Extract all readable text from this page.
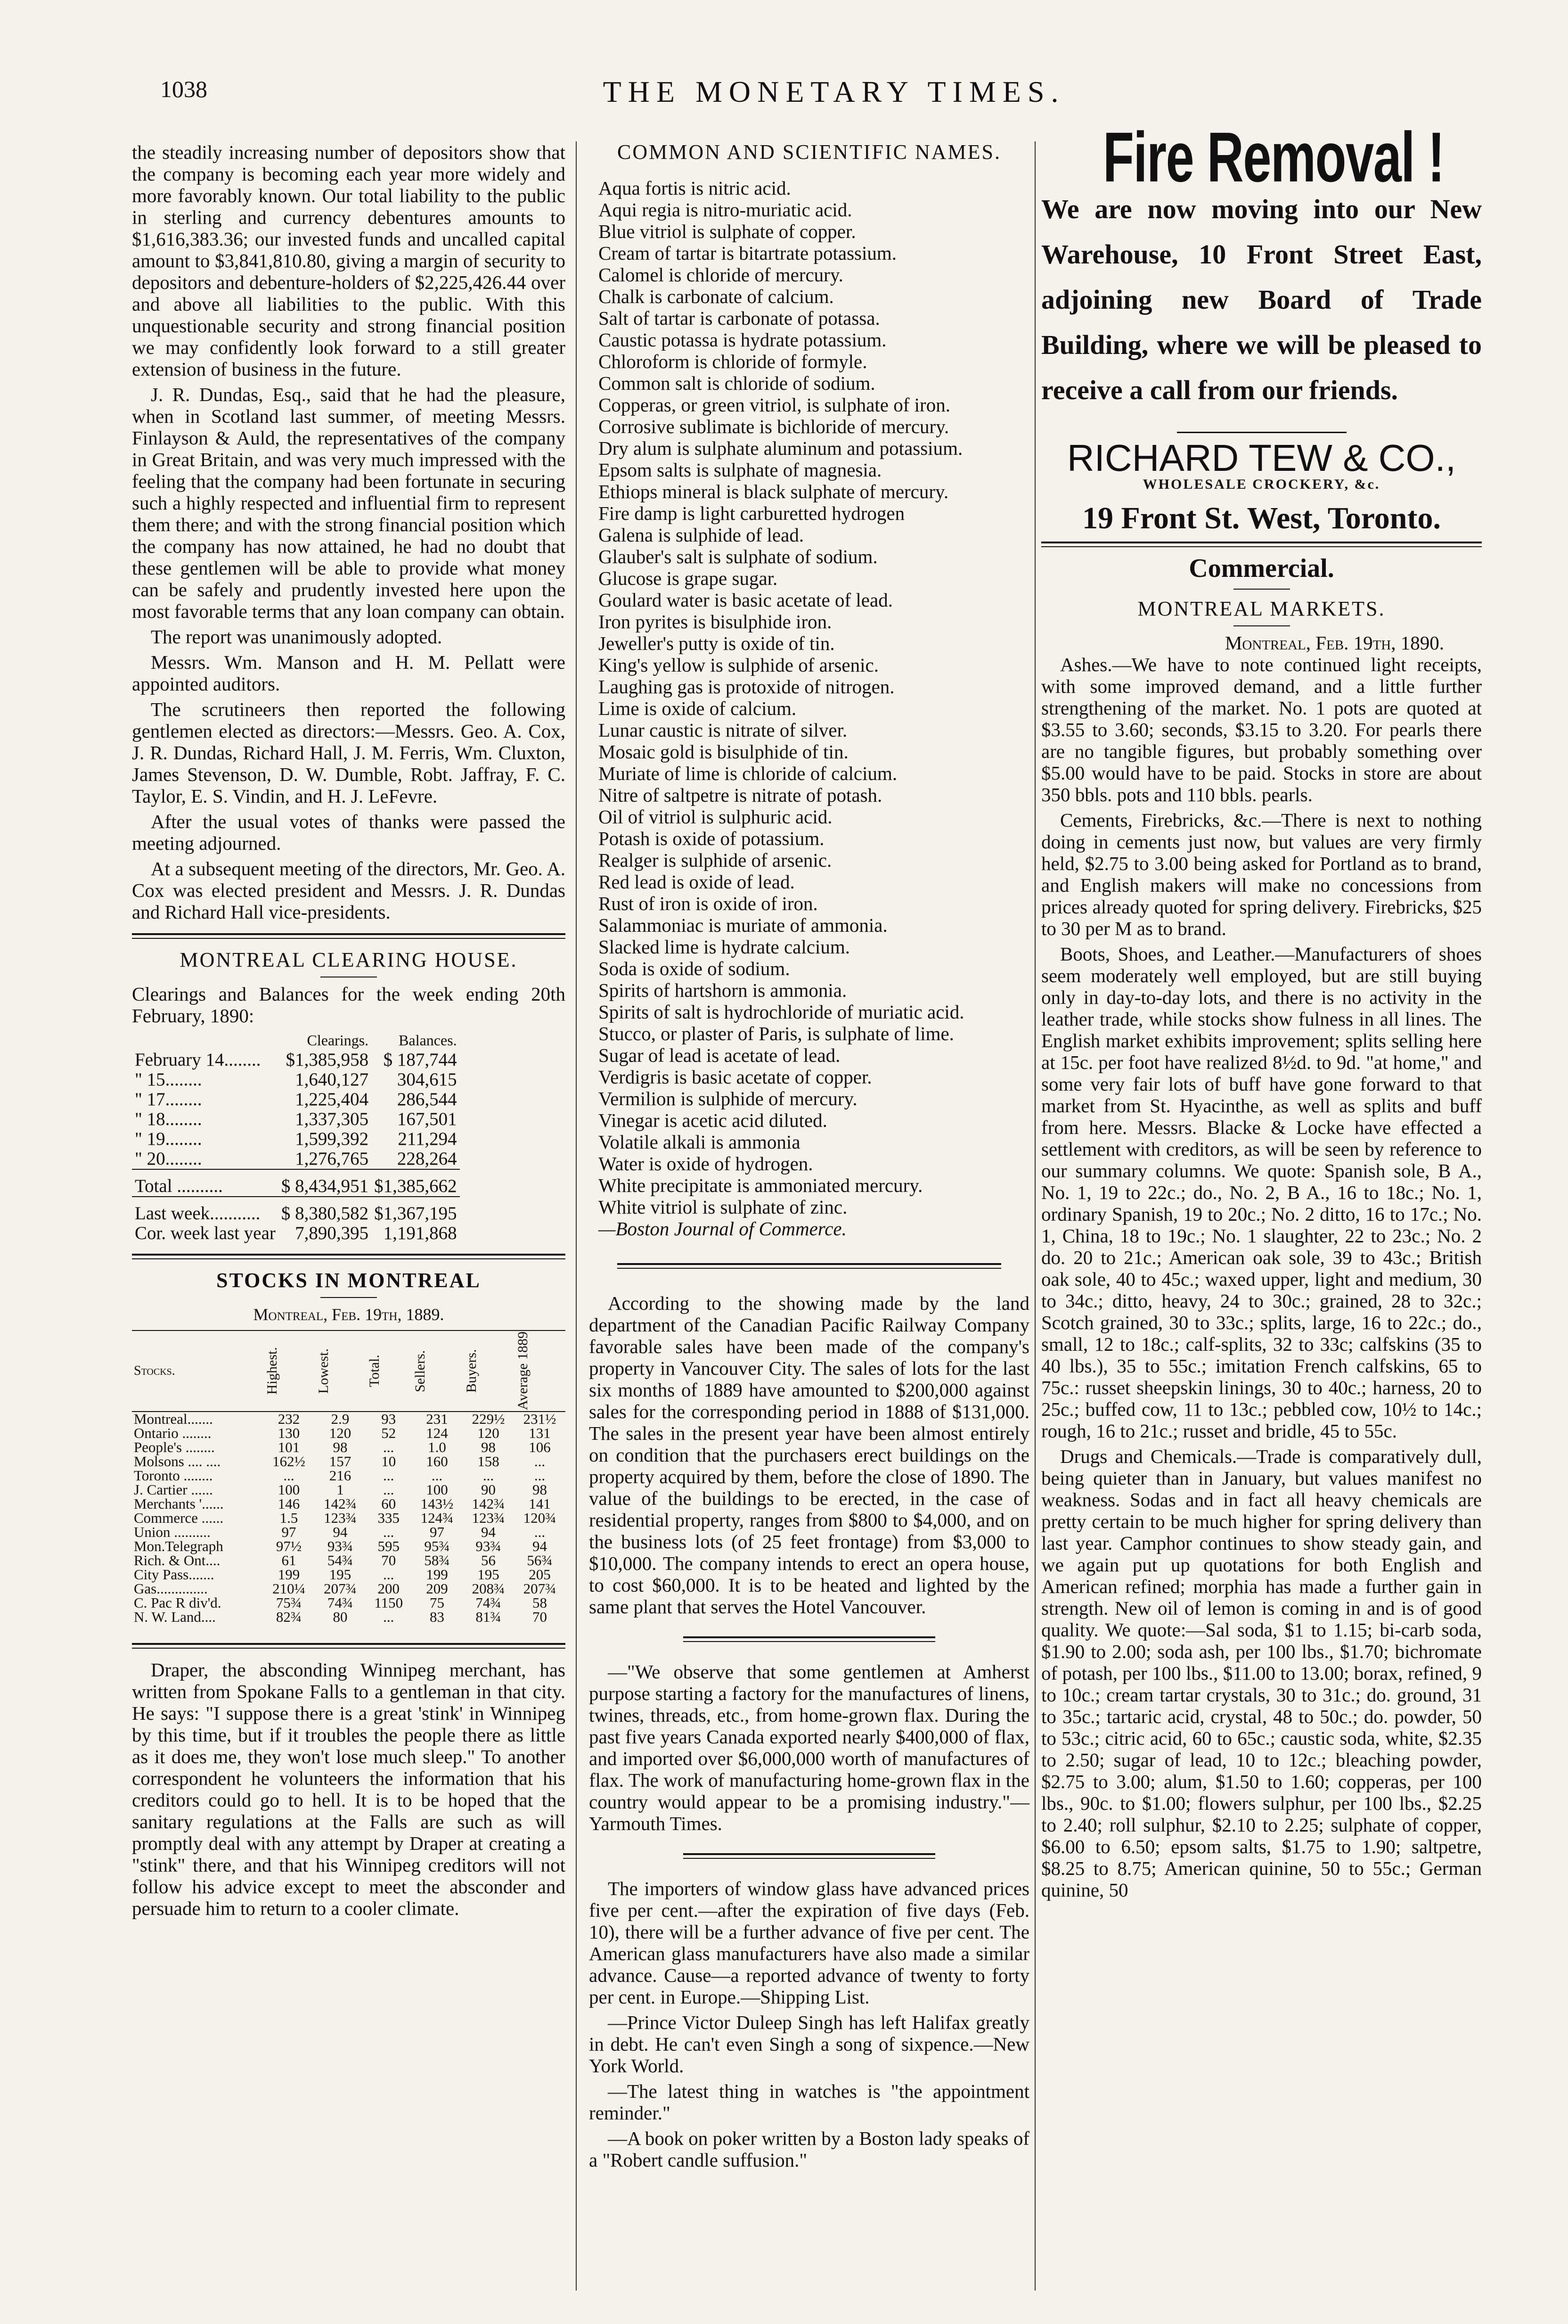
1038	THE MONETARY TIMES.

the steadily increasing number of depositors show that the company is becoming each year more widely and more favorably known. Our total liability to the public in sterling and currency debentures amounts to $1,616,383.36; our invested funds and uncalled capital amount to $3,841,810.80, giving a margin of security to depositors and debenture-holders of $2,225,426.44 over and above all liabilities to the public. With this unquestionable security and strong financial position we may confidently look forward to a still greater extension of business in the future.

J. R. Dundas, Esq., said that he had the pleasure, when in Scotland last summer, of meeting Messrs. Finlayson & Auld, the representatives of the company in Great Britain, and was very much impressed with the feeling that the company had been fortunate in securing such a highly respected and influential firm to represent them there; and with the strong financial position which the company has now attained, he had no doubt that these gentlemen will be able to provide what money can be safely and prudently invested here upon the most favorable terms that any loan company can obtain.

The report was unanimously adopted.

Messrs. Wm. Manson and H. M. Pellatt were appointed auditors.

The scrutineers then reported the following gentlemen elected as directors:—Messrs. Geo. A. Cox, J. R. Dundas, Richard Hall, J. M. Ferris, Wm. Cluxton, James Stevenson, D. W. Dumble, Robt. Jaffray, F. C. Taylor, E. S. Vindin, and H. J. LeFevre.

After the usual votes of thanks were passed the meeting adjourned.

At a subsequent meeting of the directors, Mr. Geo. A. Cox was elected president and Messrs. J. R. Dundas and Richard Hall vice-presidents.

MONTREAL CLEARING HOUSE.

Clearings and Balances for the week ending 20th February, 1890:

	Clearings.	Balances.
February 14........	$1,385,958	$ 187,744
" 15........	1,640,127	304,615
" 17........	1,225,404	286,544
" 18........	1,337,305	167,501
" 19........	1,599,392	211,294
" 20........	1,276,765	228,264
Total ..........	$ 8,434,951	$1,385,662
Last week...........	$ 8,380,582	$1,367,195
Cor. week last year	7,890,395	1,191,868
STOCKS IN MONTREAL
Montreal, Feb. 19th, 1889.
Stocks.	Highest.	Lowest.	Total.	Sellers.	Buyers.	Average 1889

Montreal.......	232	2.9	93	231	229½	231½
Ontario ........	130	120	52	124	120	131
People's ........	101	98	...	1.0	98	106
Molsons .... ....	162½	157	10	160	158	...
Toronto ........	...	216	...	...	...	...
J. Cartier ......	100	1	...	100	90	98
Merchants '......	146	142¾	60	143½	142¾	141
Commerce ......	1.5	123¾	335	124¾	123¾	120¾
Union ..........	97	94	...	97	94	...
Mon.Telegraph	97½	93¾	595	95¾	93¾	94
Rich. & Ont....	61	54¾	70	58¾	56	56¾
City Pass.......	199	195	...	199	195	205
Gas..............	210¼	207¾	200	209	208¾	207¾
C. Pac R div'd.	75¾	74¾	1150	75	74¾	58
N. W. Land....	82¾	80	...	83	81¾	70

Draper, the absconding Winnipeg merchant, has written from Spokane Falls to a gentleman in that city. He says: "I suppose there is a great 'stink' in Winnipeg by this time, but if it troubles the people there as little as it does me, they won't lose much sleep." To another correspondent he volunteers the information that his creditors could go to hell. It is to be hoped that the sanitary regulations at the Falls are such as will promptly deal with any attempt by Draper at creating a "stink" there, and that his Winnipeg creditors will not follow his advice except to meet the absconder and persuade him to return to a cooler climate.

COMMON AND SCIENTIFIC NAMES.
Aqua fortis is nitric acid.
Aqui regia is nitro-muriatic acid.
Blue vitriol is sulphate of copper.
Cream of tartar is bitartrate potassium.
Calomel is chloride of mercury.
Chalk is carbonate of calcium.
Salt of tartar is carbonate of potassa.
Caustic potassa is hydrate potassium.
Chloroform is chloride of formyle.
Common salt is chloride of sodium.
Copperas, or green vitriol, is sulphate of iron.
Corrosive sublimate is bichloride of mercury.
Dry alum is sulphate aluminum and potassium.
Epsom salts is sulphate of magnesia.
Ethiops mineral is black sulphate of mercury.
Fire damp is light carburetted hydrogen
Galena is sulphide of lead.
Glauber's salt is sulphate of sodium.
Glucose is grape sugar.
Goulard water is basic acetate of lead.
Iron pyrites is bisulphide iron.
Jeweller's putty is oxide of tin.
King's yellow is sulphide of arsenic.
Laughing gas is protoxide of nitrogen.
Lime is oxide of calcium.
Lunar caustic is nitrate of silver.
Mosaic gold is bisulphide of tin.
Muriate of lime is chloride of calcium.
Nitre of saltpetre is nitrate of potash.
Oil of vitriol is sulphuric acid.
Potash is oxide of potassium.
Realger is sulphide of arsenic.
Red lead is oxide of lead.
Rust of iron is oxide of iron.
Salammoniac is muriate of ammonia.
Slacked lime is hydrate calcium.
Soda is oxide of sodium.
Spirits of hartshorn is ammonia.
Spirits of salt is hydrochloride of muriatic acid.
Stucco, or plaster of Paris, is sulphate of lime.
Sugar of lead is acetate of lead.
Verdigris is basic acetate of copper.
Vermilion is sulphide of mercury.
Vinegar is acetic acid diluted.
Volatile alkali is ammonia
Water is oxide of hydrogen.
White precipitate is ammoniated mercury.
White vitriol is sulphate of zinc.
—Boston Journal of Commerce.

According to the showing made by the land department of the Canadian Pacific Railway Company favorable sales have been made of the company's property in Vancouver City. The sales of lots for the last six months of 1889 have amounted to $200,000 against sales for the corresponding period in 1888 of $131,000. The sales in the present year have been almost entirely on condition that the purchasers erect buildings on the property acquired by them, before the close of 1890. The value of the buildings to be erected, in the case of residential property, ranges from $800 to $4,000, and on the business lots (of 25 feet frontage) from $3,000 to $10,000. The company intends to erect an opera house, to cost $60,000. It is to be heated and lighted by the same plant that serves the Hotel Vancouver.

—"We observe that some gentlemen at Amherst purpose starting a factory for the manufactures of linens, twines, threads, etc., from home-grown flax. During the past five years Canada exported nearly $400,000 of flax, and imported over $6,000,000 worth of manufactures of flax. The work of manufacturing home-grown flax in the country would appear to be a promising industry."—Yarmouth Times.

The importers of window glass have advanced prices five per cent.—after the expiration of five days (Feb. 10), there will be a further advance of five per cent. The American glass manufacturers have also made a similar advance. Cause—a reported advance of twenty to forty per cent. in Europe.—Shipping List.

—Prince Victor Duleep Singh has left Halifax greatly in debt. He can't even Singh a song of sixpence.—New York World.

—The latest thing in watches is "the appointment reminder."

—A book on poker written by a Boston lady speaks of a "Robert candle suffusion."

Fire Removal !
We are now moving into our New Warehouse, 10 Front Street East, adjoining new Board of Trade Building, where we will be pleased to receive a call from our friends.
RICHARD TEW & CO.,
WHOLESALE CROCKERY, &c.
19 Front St. West, Toronto.
Commercial.
MONTREAL MARKETS.
Montreal, Feb. 19th, 1890.

Ashes.—We have to note continued light receipts, with some improved demand, and a little further strengthening of the market. No. 1 pots are quoted at $3.55 to 3.60; seconds, $3.15 to 3.20. For pearls there are no tangible figures, but probably something over $5.00 would have to be paid. Stocks in store are about 350 bbls. pots and 110 bbls. pearls.

Cements, Firebricks, &c.—There is next to nothing doing in cements just now, but values are very firmly held, $2.75 to 3.00 being asked for Portland as to brand, and English makers will make no concessions from prices already quoted for spring delivery. Firebricks, $25 to 30 per M as to brand.

Boots, Shoes, and Leather.—Manufacturers of shoes seem moderately well employed, but are still buying only in day-to-day lots, and there is no activity in the leather trade, while stocks show fulness in all lines. The English market exhibits improvement; splits selling here at 15c. per foot have realized 8½d. to 9d. "at home," and some very fair lots of buff have gone forward to that market from St. Hyacinthe, as well as splits and buff from here. Messrs. Blacke & Locke have effected a settlement with creditors, as will be seen by reference to our summary columns. We quote: Spanish sole, B A., No. 1, 19 to 22c.; do., No. 2, B A., 16 to 18c.; No. 1, ordinary Spanish, 19 to 20c.; No. 2 ditto, 16 to 17c.; No. 1, China, 18 to 19c.; No. 1 slaughter, 22 to 23c.; No. 2 do. 20 to 21c.; American oak sole, 39 to 43c.; British oak sole, 40 to 45c.; waxed upper, light and medium, 30 to 34c.; ditto, heavy, 24 to 30c.; grained, 28 to 32c.; Scotch grained, 30 to 33c.; splits, large, 16 to 22c.; do., small, 12 to 18c.; calf-splits, 32 to 33c; calfskins (35 to 40 lbs.), 35 to 55c.; imitation French calfskins, 65 to 75c.: russet sheepskin linings, 30 to 40c.; harness, 20 to 25c.; buffed cow, 11 to 13c.; pebbled cow, 10½ to 14c.; rough, 16 to 21c.; russet and bridle, 45 to 55c.

Drugs and Chemicals.—Trade is comparatively dull, being quieter than in January, but values manifest no weakness. Sodas and in fact all heavy chemicals are pretty certain to be much higher for spring delivery than last year. Camphor continues to show steady gain, and we again put up quotations for both English and American refined; morphia has made a further gain in strength. New oil of lemon is coming in and is of good quality. We quote:—Sal soda, $1 to 1.15; bi-carb soda, $1.90 to 2.00; soda ash, per 100 lbs., $1.70; bichromate of potash, per 100 lbs., $11.00 to 13.00; borax, refined, 9 to 10c.; cream tartar crystals, 30 to 31c.; do. ground, 31 to 35c.; tartaric acid, crystal, 48 to 50c.; do. powder, 50 to 53c.; citric acid, 60 to 65c.; caustic soda, white, $2.35 to 2.50; sugar of lead, 10 to 12c.; bleaching powder, $2.75 to 3.00; alum, $1.50 to 1.60; copperas, per 100 lbs., 90c. to $1.00; flowers sulphur, per 100 lbs., $2.25 to 2.40; roll sulphur, $2.10 to 2.25; sulphate of copper, $6.00 to 6.50; epsom salts, $1.75 to 1.90; saltpetre, $8.25 to 8.75; American quinine, 50 to 55c.; German quinine, 50
